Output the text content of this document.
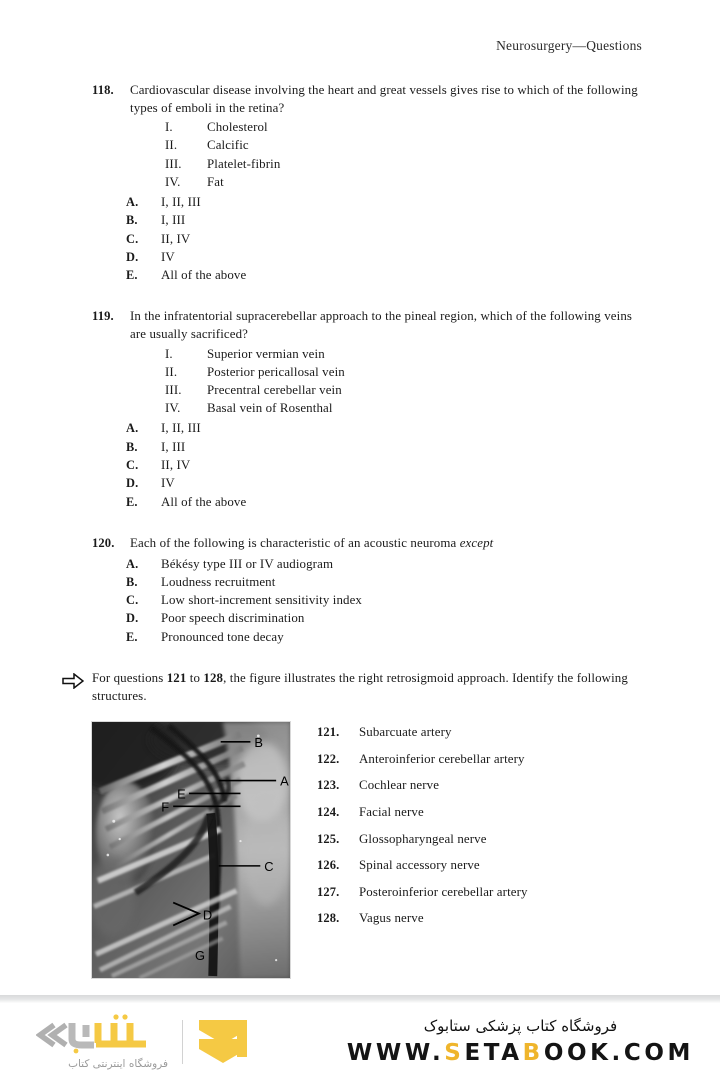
Neurosurgery—Questions
118.	Cardiovascular disease involving the heart and great vessels gives rise to which of the following types of emboli in the retina?
I.	Cholesterol
II.	Calcific
III.	Platelet-fibrin
IV.	Fat
A.	I, II, III
B.	I, III
C.	II, IV
D.	IV
E.	All of the above
119.	In the infratentorial supracerebellar approach to the pineal region, which of the following veins are usually sacrificed?
I.	Superior vermian vein
II.	Posterior pericallosal vein
III.	Precentral cerebellar vein
IV.	Basal vein of Rosenthal
A.	I, II, III
B.	I, III
C.	II, IV
D.	IV
E.	All of the above
120.	Each of the following is characteristic of an acoustic neuroma except
A.	Békésy type III or IV audiogram
B.	Loudness recruitment
C.	Low short-increment sensitivity index
D.	Poor speech discrimination
E.	Pronounced tone decay
For questions 121 to 128, the figure illustrates the right retrosigmoid approach. Identify the following structures.
B
A
E
F
C
D
G
121.	Subarcuate artery
122.	Anteroinferior cerebellar artery
123.	Cochlear nerve
124.	Facial nerve
125.	Glossopharyngeal nerve
126.	Spinal accessory nerve
127.	Posteroinferior cerebellar artery
128.	Vagus nerve
فروشگاه اینترنتی کتاب
فروشگاه کتاب پزشکی ستابوک
WWW.SETABOOK.COM
